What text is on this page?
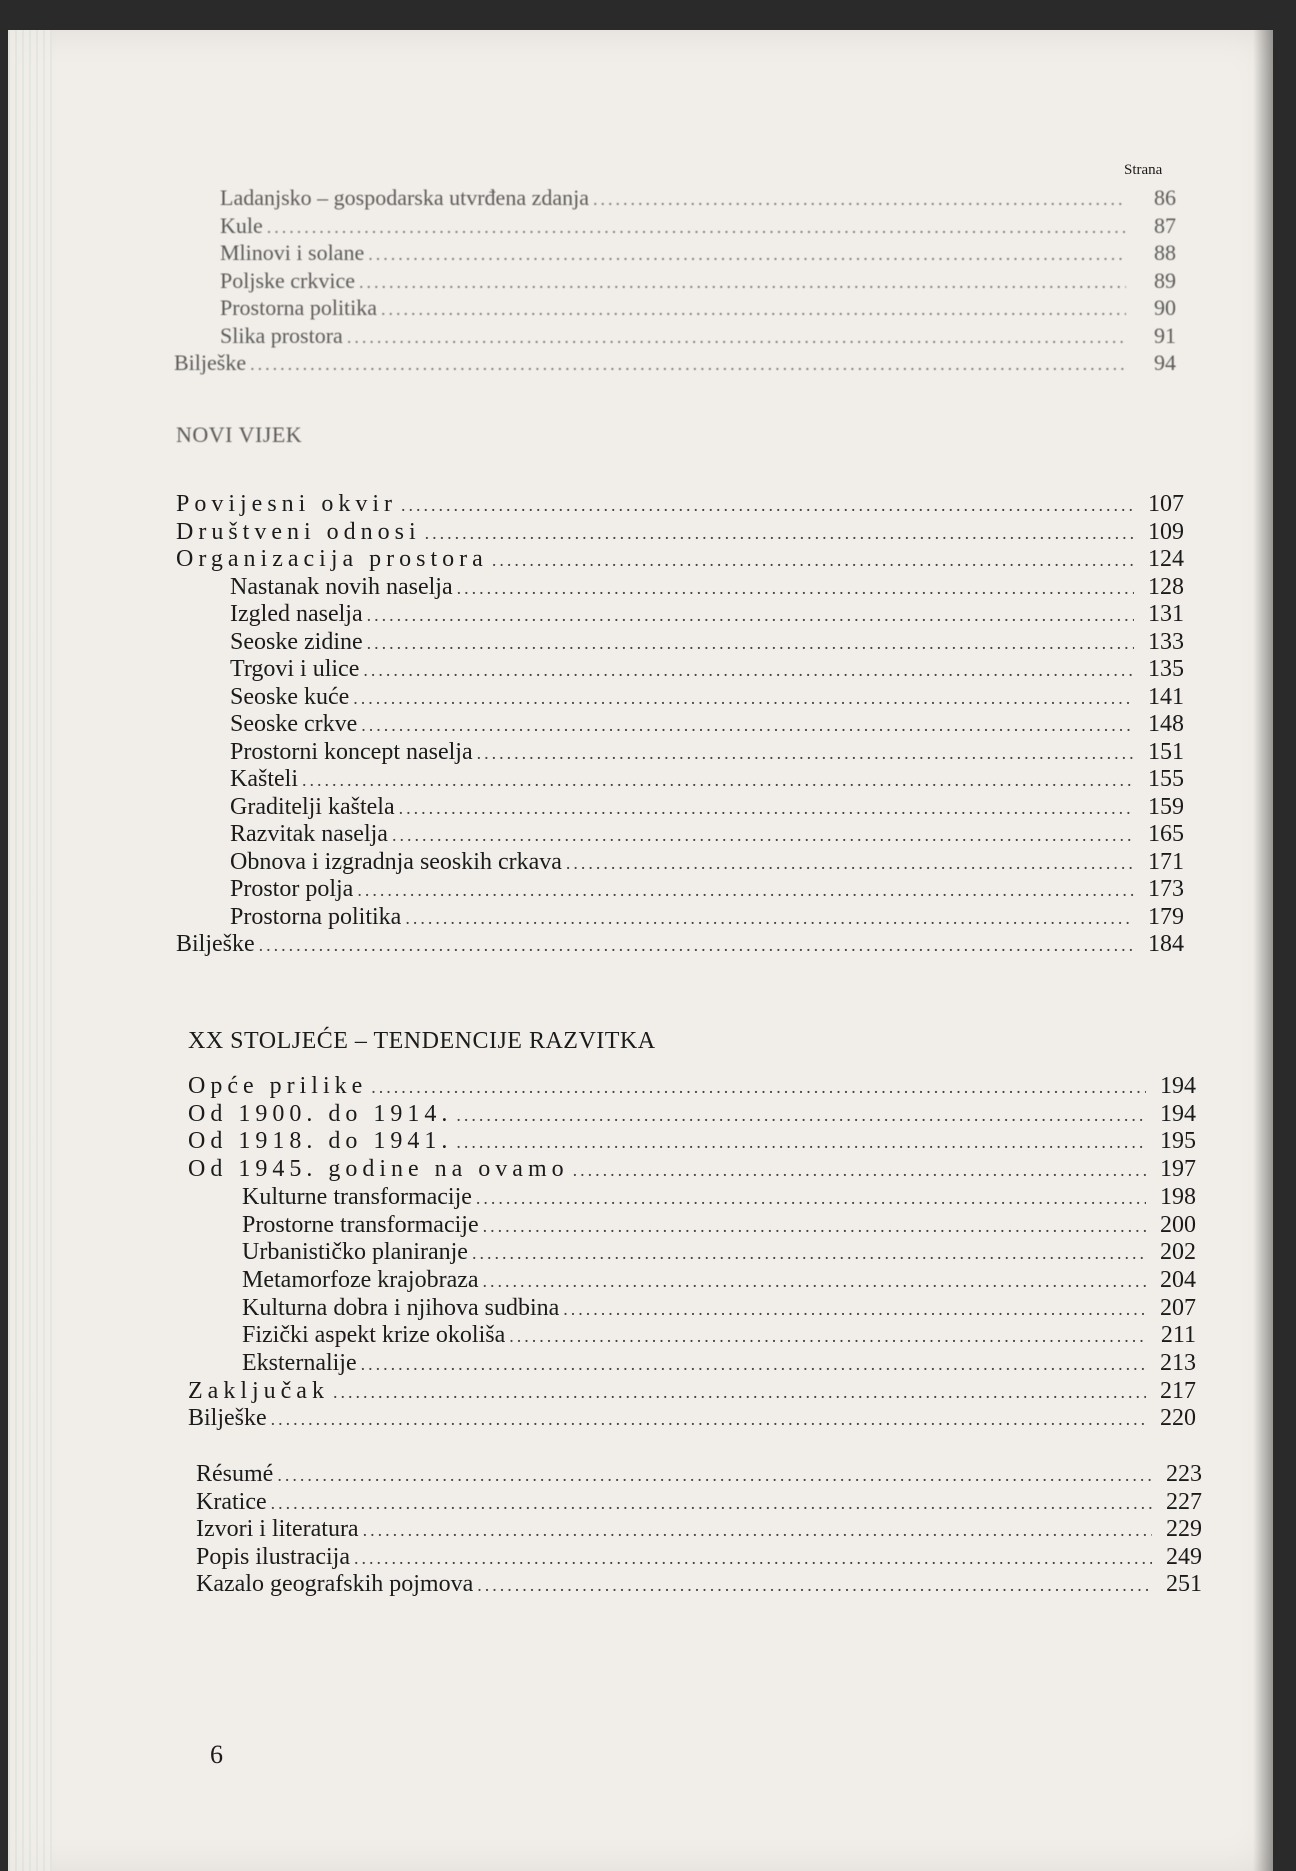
Strana
Ladanjsko – gospodarska utvrđena zdanja .....	86
Kule .....	87
Mlinovi i solane .....	88
Poljske crkvice .....	89
Prostorna politika .....	90
Slika prostora .....	91
Bilješke .....	94
NOVI VIJEK
Povijesni okvir .....	107
Društveni odnosi .....	109
Organizacija prostora .....	124
Nastanak novih naselja .....	128
Izgled naselja .....	131
Seoske zidine .....	133
Trgovi i ulice .....	135
Seoske kuće .....	141
Seoske crkve .....	148
Prostorni koncept naselja .....	151
Kašteli .....	155
Graditelji kaštela .....	159
Razvitak naselja .....	165
Obnova i izgradnja seoskih crkava .....	171
Prostor polja .....	173
Prostorna politika .....	179
Bilješke .....	184
XX STOLJEĆE – TENDENCIJE RAZVITKA
Opće prilike .....	194
Od 1900. do 1914. .....	194
Od 1918. do 1941. .....	195
Od 1945. godine na ovamo .....	197
Kulturne transformacije .....	198
Prostorne transformacije .....	200
Urbanističko planiranje .....	202
Metamorfoze krajobraza .....	204
Kulturna dobra i njihova sudbina .....	207
Fizički aspekt krize okoliša .....	211
Eksternalije .....	213
Zaključak .....	217
Bilješke .....	220
Résumé .....	223
Kratice .....	227
Izvori i literatura .....	229
Popis ilustracija .....	249
Kazalo geografskih pojmova .....	251
6
